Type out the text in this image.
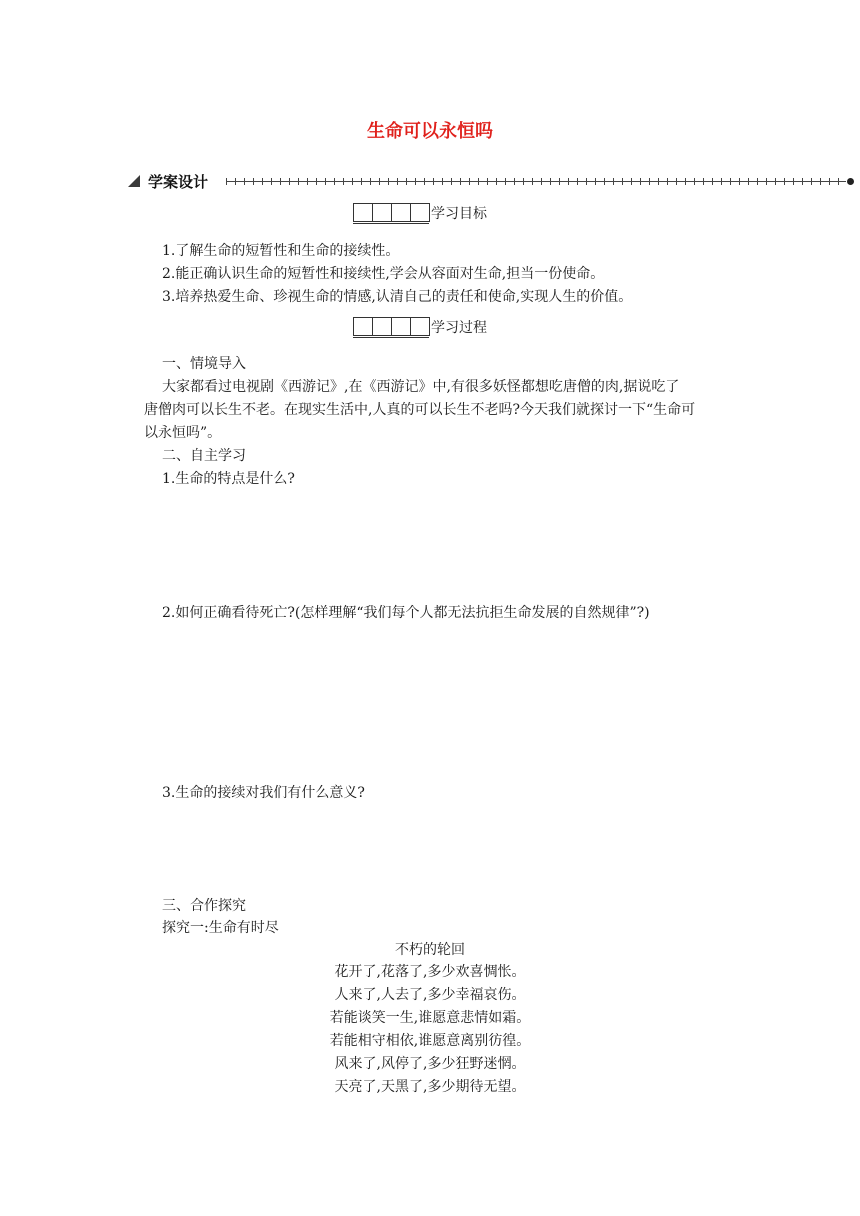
生命可以永恒吗
学案设计
学习目标
1.了解生命的短暂性和生命的接续性。
2.能正确认识生命的短暂性和接续性,学会从容面对生命,担当一份使命。
3.培养热爱生命、珍视生命的情感,认清自己的责任和使命,实现人生的价值。
学习过程
一、情境导入
大家都看过电视剧《西游记》,在《西游记》中,有很多妖怪都想吃唐僧的肉,据说吃了
唐僧肉可以长生不老。在现实生活中,人真的可以长生不老吗?今天我们就探讨一下“生命可
以永恒吗”。
二、自主学习
1.生命的特点是什么?
2.如何正确看待死亡?(怎样理解“我们每个人都无法抗拒生命发展的自然规律”?)
3.生命的接续对我们有什么意义?
三、合作探究
探究一:生命有时尽
不朽的轮回
花开了,花落了,多少欢喜惆怅。
人来了,人去了,多少幸福哀伤。
若能谈笑一生,谁愿意悲情如霜。
若能相守相依,谁愿意离别彷徨。
风来了,风停了,多少狂野迷惘。
天亮了,天黑了,多少期待无望。
